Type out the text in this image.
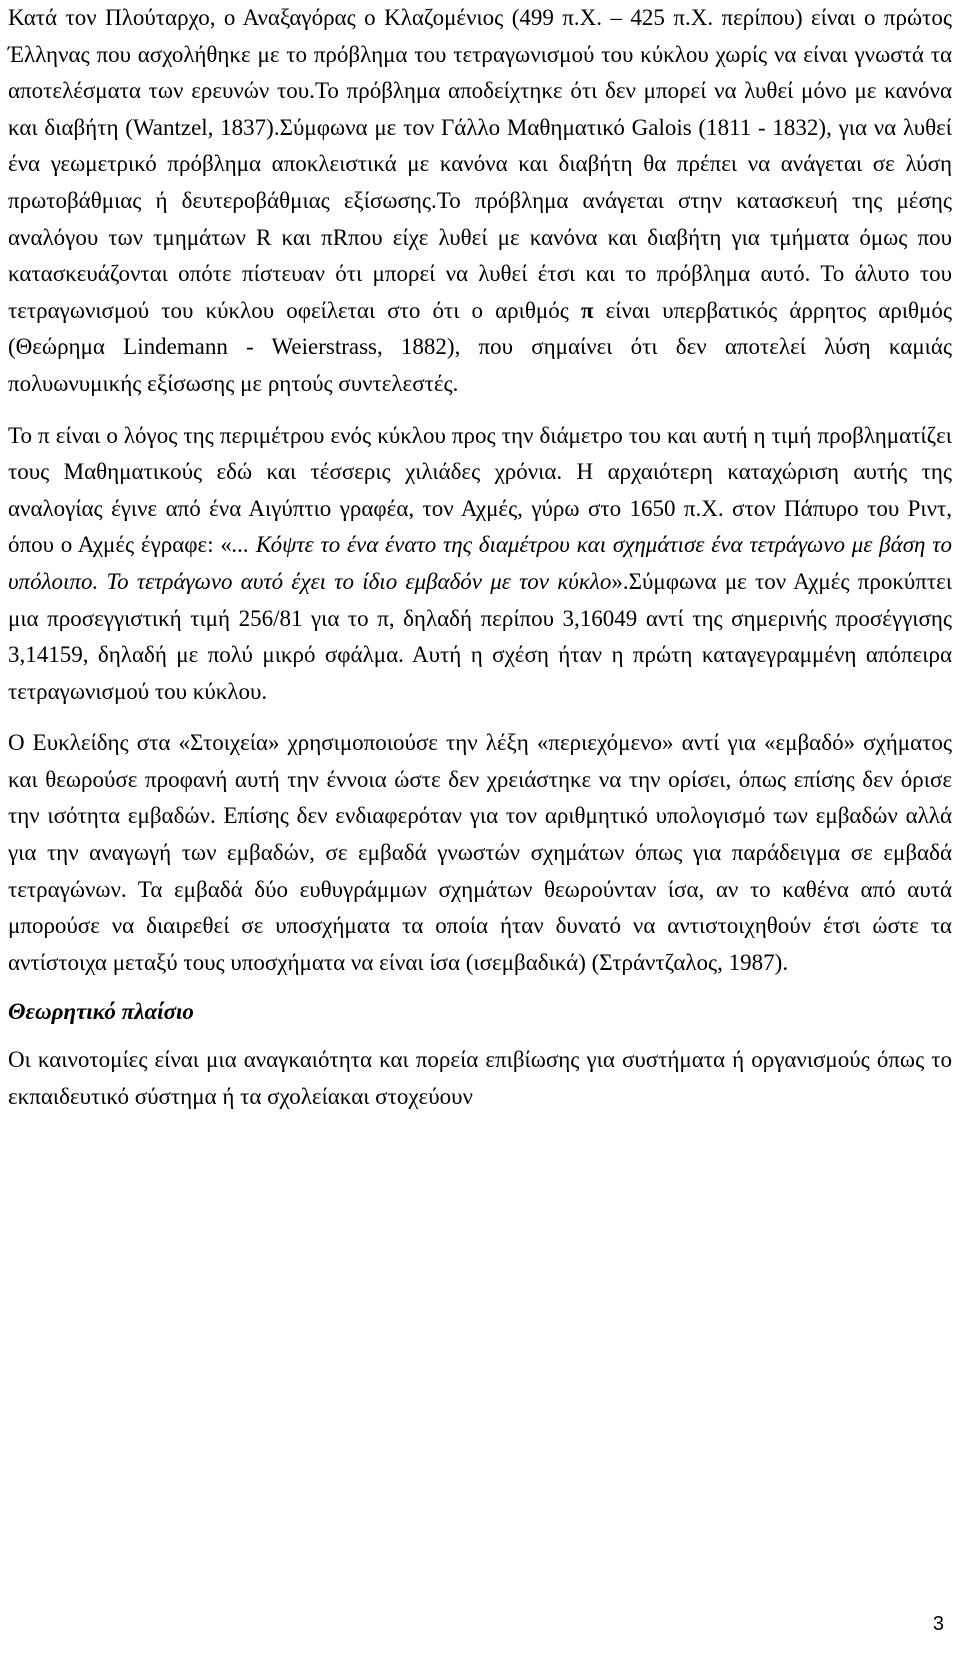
Κατά τον Πλούταρχο, ο Αναξαγόρας ο Κλαζομένιος (499 π.Χ. – 425 π.Χ. περίπου) είναι ο πρώτος Έλληνας που ασχολήθηκε με το πρόβλημα του τετραγωνισμού του κύκλου χωρίς να είναι γνωστά τα αποτελέσματα των ερευνών του.Το πρόβλημα αποδείχτηκε ότι δεν μπορεί να λυθεί μόνο με κανόνα και διαβήτη (Wantzel, 1837).Σύμφωνα με τον Γάλλο Μαθηματικό Galois (1811 - 1832), για να λυθεί ένα γεωμετρικό πρόβλημα αποκλειστικά με κανόνα και διαβήτη θα πρέπει να ανάγεται σε λύση πρωτοβάθμιας ή δευτεροβάθμιας εξίσωσης.Το πρόβλημα ανάγεται στην κατασκευή της μέσης αναλόγου των τμημάτων R και πRπου είχε λυθεί με κανόνα και διαβήτη για τμήματα όμως που κατασκευάζονται οπότε πίστευαν ότι μπορεί να λυθεί έτσι και το πρόβλημα αυτό. Το άλυτο του τετραγωνισμού του κύκλου οφείλεται στο ότι ο αριθμός π είναι υπερβατικός άρρητος αριθμός (Θεώρημα Lindemann - Weierstrass, 1882), που σημαίνει ότι δεν αποτελεί λύση καμιάς πολυωνυμικής εξίσωσης με ρητούς συντελεστές.

Το π είναι ο λόγος της περιμέτρου ενός κύκλου προς την διάμετρο του και αυτή η τιμή προβληματίζει τους Μαθηματικούς εδώ και τέσσερις χιλιάδες χρόνια. Η αρχαιότερη καταχώριση αυτής της αναλογίας έγινε από ένα Αιγύπτιο γραφέα, τον Αχμές, γύρω στο 1650 π.Χ. στον Πάπυρο του Ριντ, όπου ο Αχμές έγραφε: «... Κόψτε το ένα ένατο της διαμέτρου και σχημάτισε ένα τετράγωνο με βάση το υπόλοιπο. Το τετράγωνο αυτό έχει το ίδιο εμβαδόν με τον κύκλο».Σύμφωνα με τον Αχμές προκύπτει μια προσεγγιστική τιμή 256/81 για το π, δηλαδή περίπου 3,16049 αντί της σημερινής προσέγγισης 3,14159, δηλαδή με πολύ μικρό σφάλμα. Αυτή η σχέση ήταν η πρώτη καταγεγραμμένη απόπειρα τετραγωνισμού του κύκλου.

Ο Ευκλείδης στα «Στοιχεία» χρησιμοποιούσε την λέξη «περιεχόμενο» αντί για «εμβαδό» σχήματος και θεωρούσε προφανή αυτή την έννοια ώστε δεν χρειάστηκε να την ορίσει, όπως επίσης δεν όρισε την ισότητα εμβαδών. Επίσης δεν ενδιαφερόταν για τον αριθμητικό υπολογισμό των εμβαδών αλλά για την αναγωγή των εμβαδών, σε εμβαδά γνωστών σχημάτων όπως για παράδειγμα σε εμβαδά τετραγώνων. Τα εμβαδά δύο ευθυγράμμων σχημάτων θεωρούνταν ίσα, αν το καθένα από αυτά μπορούσε να διαιρεθεί σε υποσχήματα τα οποία ήταν δυνατό να αντιστοιχηθούν έτσι ώστε τα αντίστοιχα μεταξύ τους υποσχήματα να είναι ίσα (ισεμβαδικά) (Στράντζαλος, 1987).

Θεωρητικό πλαίσιο

Οι καινοτομίες είναι μια αναγκαιότητα και πορεία επιβίωσης για συστήματα ή οργανισμούς όπως το εκπαιδευτικό σύστημα ή τα σχολείακαι στοχεύουν

3
